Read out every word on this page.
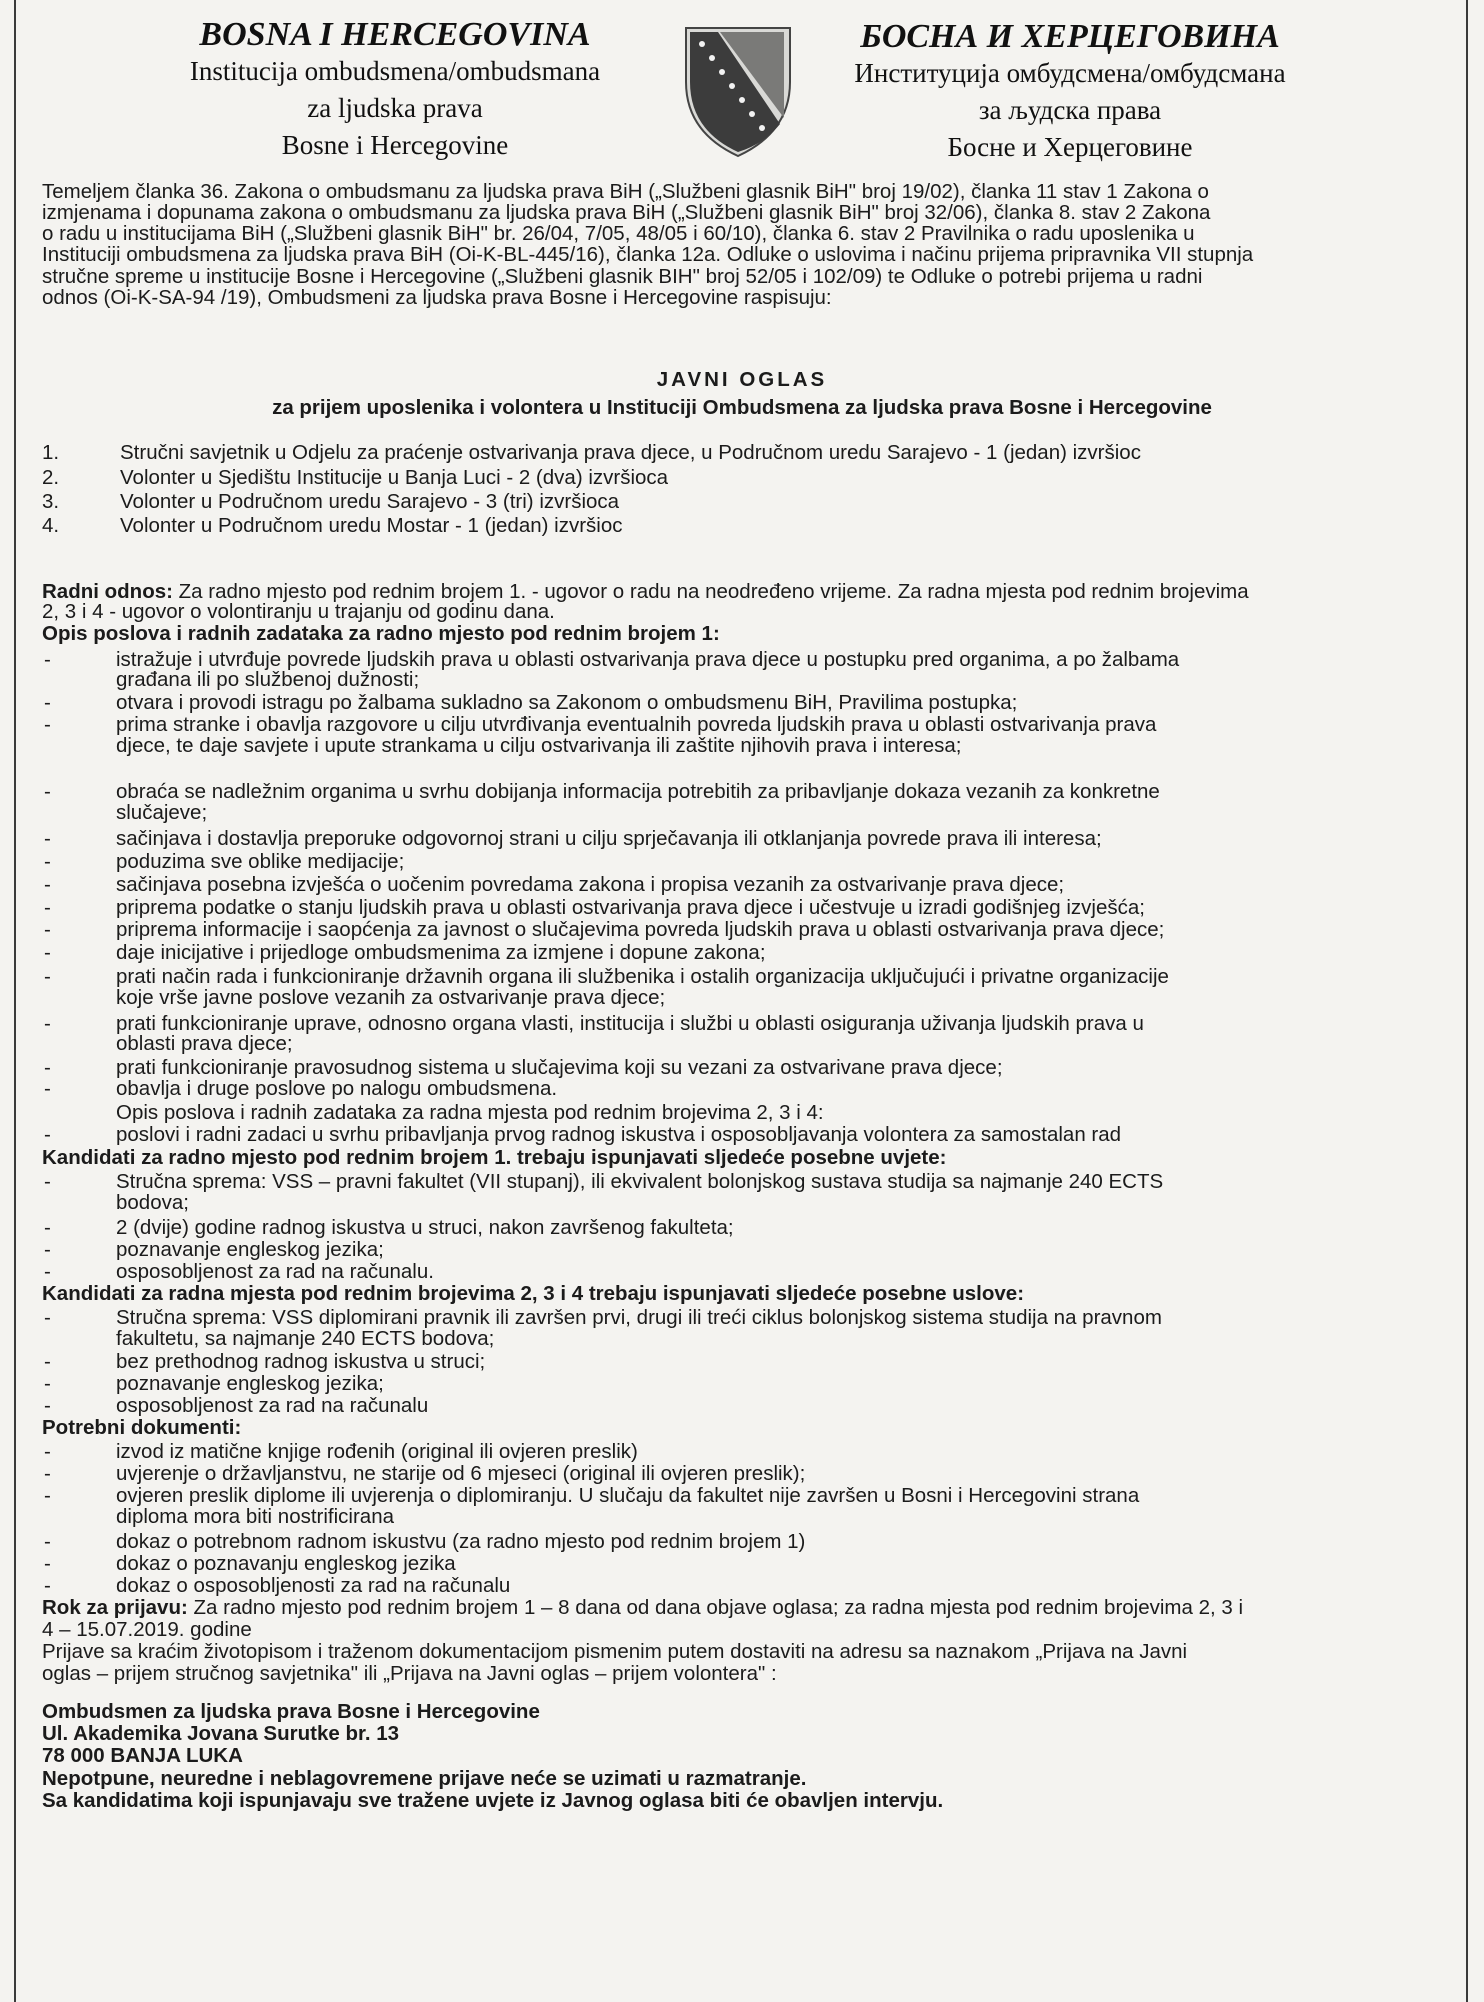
BOSNA I HERCEGOVINA
Institucija ombudsmena/ombudsmana
za ljudska prava
Bosne i Hercegovine
БОСНА И ХЕРЦЕГОВИНА
Институција омбудсмена/омбудсмана
за људска права
Босне и Херцеговине
Temeljem članka 36. Zakona o ombudsmanu za ljudska prava BiH („Službeni glasnik BiH" broj 19/02), članka 11 stav 1 Zakona o
izmjenama i dopunama zakona o ombudsmanu za ljudska prava BiH („Službeni glasnik BiH" broj 32/06), članka 8. stav 2 Zakona
o radu u institucijama BiH („Službeni glasnik BiH" br. 26/04, 7/05, 48/05 i 60/10), članka 6. stav 2 Pravilnika o radu uposlenika u
Instituciji ombudsmena za ljudska prava BiH (Oi-K-BL-445/16), članka 12a. Odluke o uslovima i načinu prijema pripravnika VII stupnja
stručne spreme u institucije Bosne i Hercegovine („Službeni glasnik BIH" broj 52/05 i 102/09) te Odluke o potrebi prijema u radni
odnos (Oi-K-SA-94 /19), Ombudsmeni za ljudska prava Bosne i Hercegovine raspisuju:
JAVNI OGLAS
za prijem uposlenika i volontera u Instituciji Ombudsmena za ljudska prava Bosne i Hercegovine
1.	Stručni savjetnik u Odjelu za praćenje ostvarivanja prava djece, u Područnom uredu Sarajevo - 1 (jedan) izvršioc
2.	Volonter u Sjedištu Institucije u Banja Luci - 2 (dva) izvršioca
3.	Volonter u Područnom uredu Sarajevo - 3 (tri) izvršioca
4.	Volonter u Područnom uredu Mostar - 1 (jedan) izvršioc
Radni odnos: Za radno mjesto pod rednim brojem 1. - ugovor o radu na neodređeno vrijeme. Za radna mjesta pod rednim brojevima
2, 3 i 4 - ugovor o volontiranju u trajanju od godinu dana.
Opis poslova i radnih zadataka za radno mjesto pod rednim brojem 1:
-	istražuje i utvrđuje povrede ljudskih prava u oblasti ostvarivanja prava djece u postupku pred organima, a po žalbama
građana ili po službenoj dužnosti;
-	otvara i provodi istragu po žalbama sukladno sa Zakonom o ombudsmenu BiH, Pravilima postupka;
-	prima stranke i obavlja razgovore u cilju utvrđivanja eventualnih povreda ljudskih prava u oblasti ostvarivanja prava
djece, te daje savjete i upute strankama u cilju ostvarivanja ili zaštite njihovih prava i interesa;
-	obraća se nadležnim organima u svrhu dobijanja informacija potrebitih za pribavljanje dokaza vezanih za konkretne
slučajeve;
-	sačinjava i dostavlja preporuke odgovornoj strani u cilju sprječavanja ili otklanjanja povrede prava ili interesa;
-	poduzima sve oblike medijacije;
-	sačinjava posebna izvješća o uočenim povredama zakona i propisa vezanih za ostvarivanje prava djece;
-	priprema podatke o stanju ljudskih prava u oblasti ostvarivanja prava djece i učestvuje u izradi godišnjeg izvješća;
-	priprema informacije i saopćenja za javnost o slučajevima povreda ljudskih prava u oblasti ostvarivanja prava djece;
-	daje inicijative i prijedloge ombudsmenima za izmjene i dopune zakona;
-	prati način rada i funkcioniranje državnih organa ili službenika i ostalih organizacija uključujući i privatne organizacije
koje vrše javne poslove vezanih za ostvarivanje prava djece;
-	prati funkcioniranje uprave, odnosno organa vlasti, institucija i službi u oblasti osiguranja uživanja ljudskih prava u
oblasti prava djece;
-	prati funkcioniranje pravosudnog sistema u slučajevima koji su vezani za ostvarivane prava djece;
-	obavlja i druge poslove po nalogu ombudsmena.
Opis poslova i radnih zadataka za radna mjesta pod rednim brojevima 2, 3 i 4:
-	poslovi i radni zadaci u svrhu pribavljanja prvog radnog iskustva i osposobljavanja volontera za samostalan rad
Kandidati za radno mjesto pod rednim brojem 1. trebaju ispunjavati sljedeće posebne uvjete:
-	Stručna sprema: VSS – pravni fakultet (VII stupanj), ili ekvivalent bolonjskog sustava studija sa najmanje 240 ECTS
bodova;
-	2 (dvije) godine radnog iskustva u struci, nakon završenog fakulteta;
-	poznavanje engleskog jezika;
-	osposobljenost za rad na računalu.
Kandidati za radna mjesta pod rednim brojevima 2, 3 i 4 trebaju ispunjavati sljedeće posebne uslove:
-	Stručna sprema: VSS diplomirani pravnik ili završen prvi, drugi ili treći ciklus bolonjskog sistema studija na pravnom
fakultetu, sa najmanje 240 ECTS bodova;
-	bez prethodnog radnog iskustva u struci;
-	poznavanje engleskog jezika;
-	osposobljenost za rad na računalu
Potrebni dokumenti:
-	izvod iz matične knjige rođenih (original ili ovjeren preslik)
-	uvjerenje o državljanstvu, ne starije od 6 mjeseci (original ili ovjeren preslik);
-	ovjeren preslik diplome ili uvjerenja o diplomiranju. U slučaju da fakultet nije završen u Bosni i Hercegovini strana
diploma mora biti nostrificirana
-	dokaz o potrebnom radnom iskustvu (za radno mjesto pod rednim brojem 1)
-	dokaz o poznavanju engleskog jezika
-	dokaz o osposobljenosti za rad na računalu
Rok za prijavu: Za radno mjesto pod rednim brojem 1 – 8 dana od dana objave oglasa; za radna mjesta pod rednim brojevima 2, 3 i
4 – 15.07.2019. godine
Prijave sa kraćim životopisom i traženom dokumentacijom pismenim putem dostaviti na adresu sa naznakom „Prijava na Javni
oglas – prijem stručnog savjetnika" ili „Prijava na Javni oglas – prijem volontera" :
Ombudsmen za ljudska prava Bosne i Hercegovine
Ul. Akademika Jovana Surutke br. 13
78 000 BANJA LUKA
Nepotpune, neuredne i neblagovremene prijave neće se uzimati u razmatranje.
Sa kandidatima koji ispunjavaju sve tražene uvjete iz Javnog oglasa biti će obavljen intervju.
